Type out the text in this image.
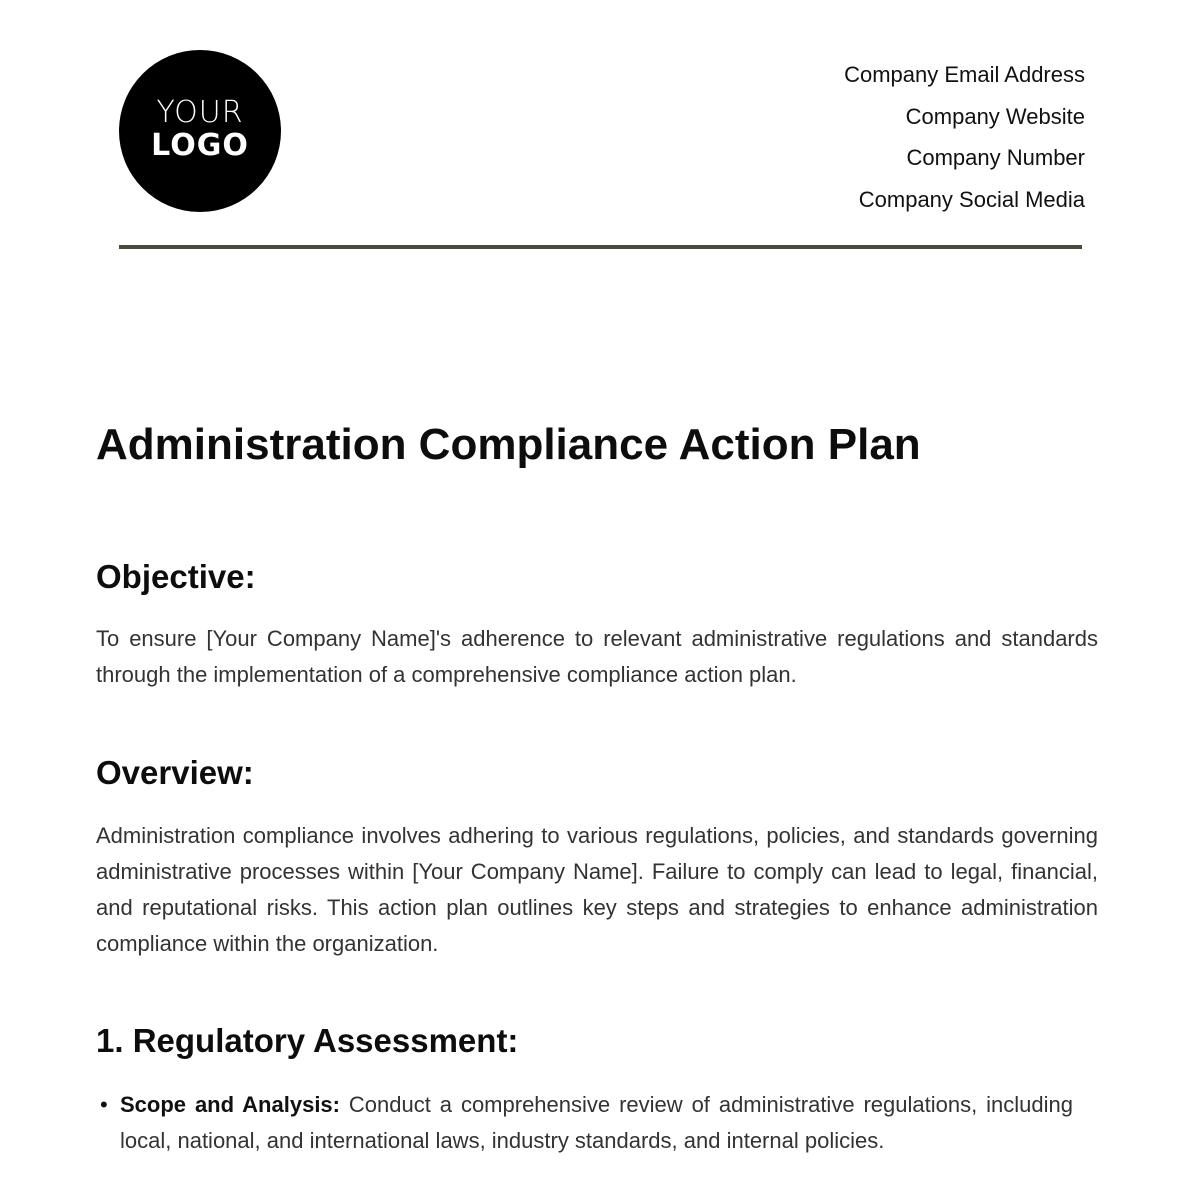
YOUR
LOGO
Company Email Address
Company Website
Company Number
Company Social Media
Administration Compliance Action Plan
Objective:

To ensure [Your Company Name]'s adherence to relevant administrative regulations and standards through the implementation of a comprehensive compliance action plan.

Overview:

Administration compliance involves adhering to various regulations, policies, and standards governing administrative processes within [Your Company Name]. Failure to comply can lead to legal, financial, and reputational risks. This action plan outlines key steps and strategies to enhance administration compliance within the organization.

1. Regulatory Assessment:
• Scope and Analysis: Conduct a comprehensive review of administrative regulations, including local, national, and international laws, industry standards, and internal policies.
